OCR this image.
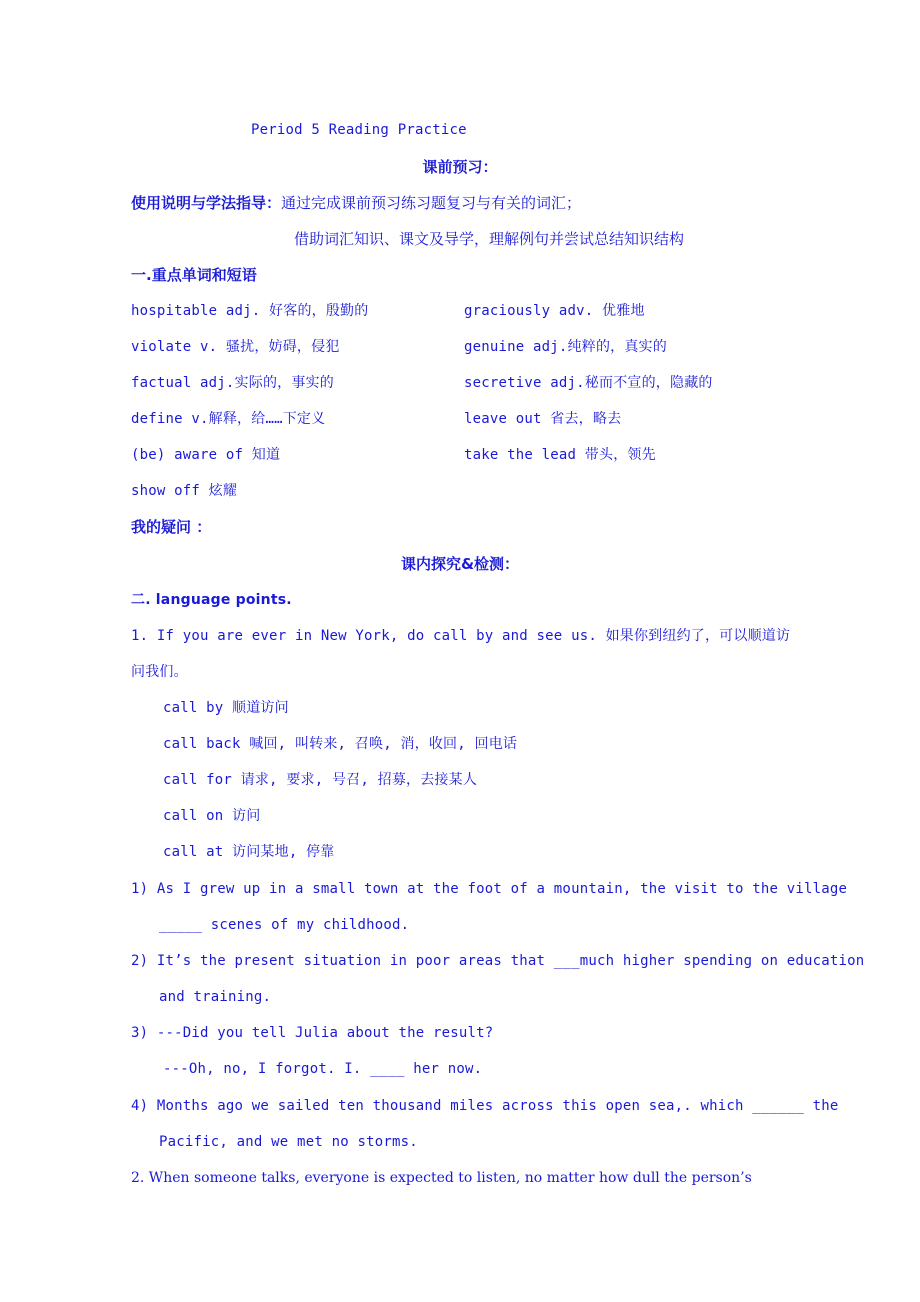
Period 5 Reading Practice
课前预习：
使用说明与学法指导：通过完成课前预习练习题复习与有关的词汇；
借助词汇知识、课文及导学，理解例句并尝试总结知识结构
一.重点单词和短语
hospitable adj. 好客的，殷勤的	graciously adv. 优雅地
violate v. 骚扰，妨碍，侵犯	genuine adj.纯粹的，真实的
factual adj.实际的，事实的	secretive adj.秘而不宣的，隐藏的
define v.解释，给……下定义	leave out 省去，略去
(be) aware of 知道	take the lead 带头，领先
show off 炫耀
我的疑问 ：
课内探究&检测：
二. language points.
1. If you are ever in New York, do call by and see us. 如果你到纽约了，可以顺道访
问我们。
call by 顺道访问
call back 喊回, 叫转来, 召唤, 消，收回, 回电话
call for 请求, 要求, 号召, 招募，去接某人
call on 访问
call at 访问某地, 停靠

1) As I grew up in a small town at the foot of a mountain, the visit to the village
_____ scenes of my childhood.
2) It’s the present situation in poor areas that ___much higher spending on education
and training.
3) ---Did you tell Julia about the result?
---Oh, no, I forgot. I. ____ her now.
4) Months ago we sailed ten thousand miles across this open sea,. which ______ the
Pacific, and we met no storms.
2. When someone talks, everyone is expected to listen, no matter how dull the person’s
